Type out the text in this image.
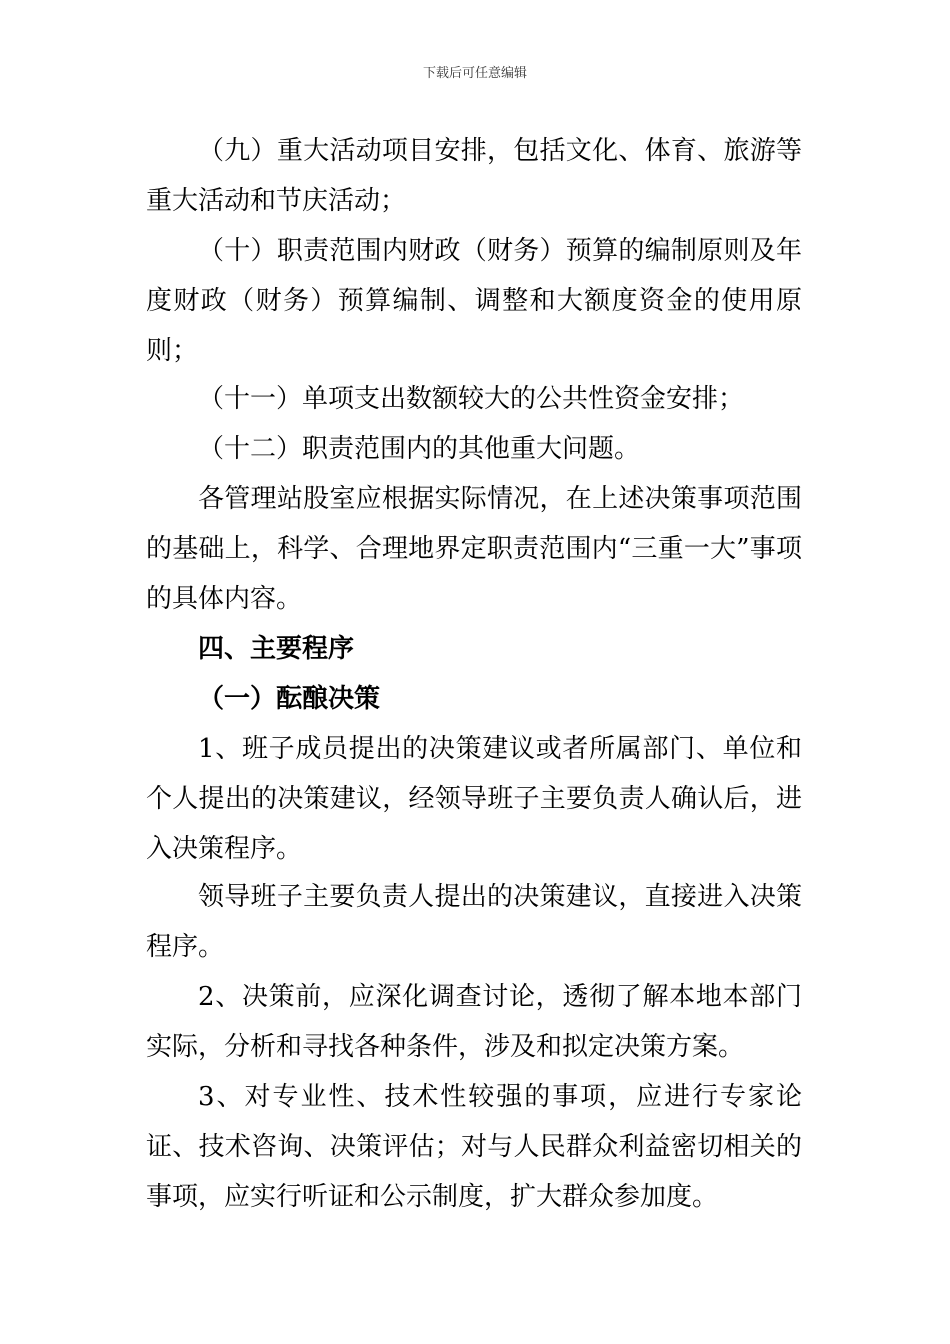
下载后可任意编辑

（九）重大活动项目安排，包括文化、体育、旅游等重大活动和节庆活动；

（十）职责范围内财政（财务）预算的编制原则及年度财政（财务）预算编制、调整和大额度资金的使用原则；

（十一）单项支出数额较大的公共性资金安排；

（十二）职责范围内的其他重大问题。

各管理站股室应根据实际情况，在上述决策事项范围的基础上，科学、合理地界定职责范围内“三重一大”事项的具体内容。

四、主要程序

（一）酝酿决策

1、班子成员提出的决策建议或者所属部门、单位和个人提出的决策建议，经领导班子主要负责人确认后，进入决策程序。

领导班子主要负责人提出的决策建议，直接进入决策程序。

2、决策前，应深化调查讨论，透彻了解本地本部门实际，分析和寻找各种条件，涉及和拟定决策方案。

3、对专业性、技术性较强的事项，应进行专家论证、技术咨询、决策评估；对与人民群众利益密切相关的事项，应实行听证和公示制度，扩大群众参加度。
